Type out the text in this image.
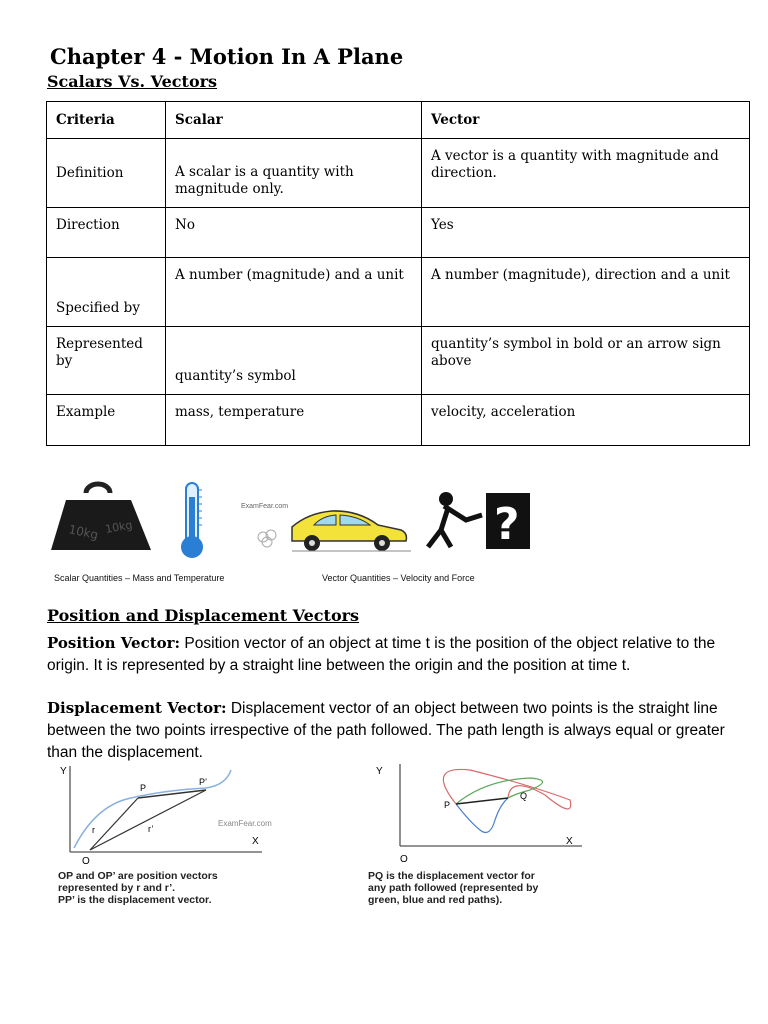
Chapter 4 - Motion In A Plane
Scalars Vs. Vectors
Criteria	Scalar	Vector
Definition	A scalar is a quantity with magnitude only.	A vector is a quantity with magnitude and direction.
Direction	No	Yes
Specified by	A number (magnitude) and a unit	A number (magnitude), direction and a unit
Represented by	quantity’s symbol	quantity’s symbol in bold or an arrow sign above
Example	mass, temperature	velocity, acceleration
10kg 10kg
ExamFear.com	?
Scalar Quantities – Mass and Temperature	Vector Quantities – Velocity and Force
Position and Displacement Vectors

Position Vector: Position vector of an object at time t is the position of the object relative to the origin. It is represented by a straight line between the origin and the position at time t.

Displacement Vector: Displacement vector of an object between two points is the straight line between the two points irrespective of the path followed. The path length is always equal or greater than the displacement.

Y
X
O
P
P’
r	r’
ExamFear.com
OP and OP’ are position vectors
represented by r and r’.
PP’ is the displacement vector.
Y
X
O
P
Q
PQ is the displacement vector for
any path followed (represented by
green, blue and red paths).
